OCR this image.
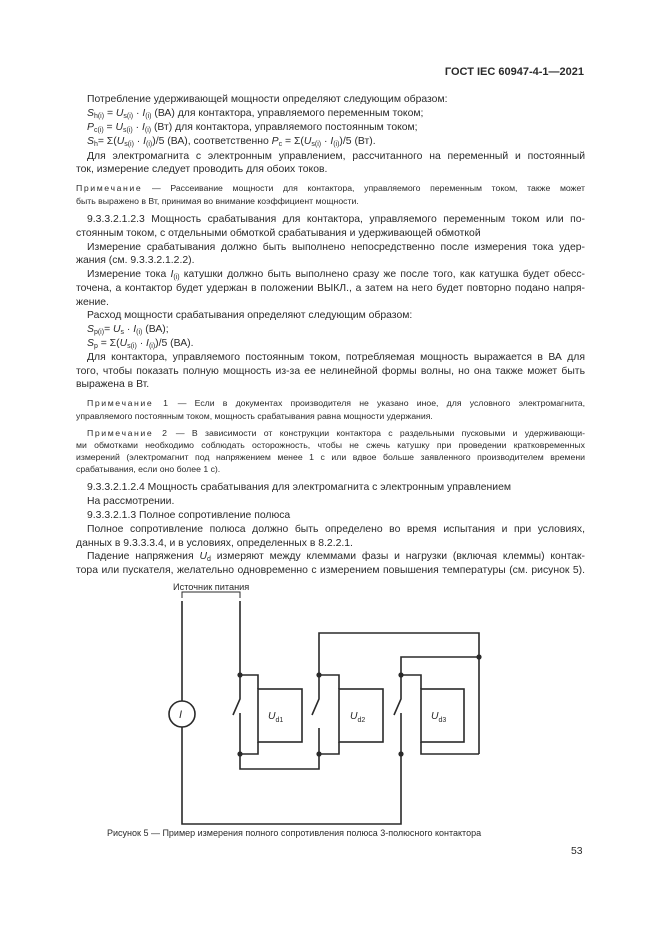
ГОСТ IEC 60947-4-1—2021
Потребление удерживающей мощности определяют следующим образом:
$S_{h(i)} = U_{s(i)} \cdot I_{(i)}$ (ВА) для контактора, управляемого переменным током;
$P_{c(i)} = U_{s(i)} \cdot I_{(i)}$ (Вт) для контактора, управляемого постоянным током;
$S_h= \Sigma(U_{s(i)} \cdot I_{(i)})/5$ (ВА), соответственно $P_c = \Sigma(U_{s(i)} \cdot I_{(i)})/5$ (Вт).
Для электромагнита с электронным управлением, рассчитанного на переменный и постоянный
ток, измерение следует проводить для обоих токов.
Примечание — Рассеивание мощности для контактора, управляемого переменным током, также может
быть выражено в Вт, принимая во внимание коэффициент мощности.
9.3.3.2.1.2.3 Мощность срабатывания для контактора, управляемого переменным током или по-
стоянным током, с отдельными обмоткой срабатывания и удерживающей обмоткой
Измерение срабатывания должно быть выполнено непосредственно после измерения тока удер-
жания (см. 9.3.3.2.1.2.2).
Измерение тока $I_{(i)}$ катушки должно быть выполнено сразу же после того, как катушка будет обесс-
точена, а контактор будет удержан в положении ВЫКЛ., а затем на него будет повторно подано напря-
жение.
Расход мощности срабатывания определяют следующим образом:
$S_{p(i)}= U_s \cdot I_{(i)}$ (ВА);
$S_p = \Sigma(U_{s(i)} \cdot I_{(i)})/5$ (ВА).
Для контактора, управляемого постоянным током, потребляемая мощность выражается в ВА для
того, чтобы показать полную мощность из-за ее нелинейной формы волны, но она также может быть
выражена в Вт.
Примечание 1 — Если в документах производителя не указано иное, для условного электромагнита,
управляемого постоянным током, мощность срабатывания равна мощности удержания.
Примечание 2 — В зависимости от конструкции контактора с раздельными пусковыми и удерживающи-
ми обмотками необходимо соблюдать осторожность, чтобы не сжечь катушку при проведении кратковременных
измерений (электромагнит под напряжением менее 1 с или вдвое больше заявленного производителем времени
срабатывания, если оно более 1 с).
9.3.3.2.1.2.4 Мощность срабатывания для электромагнита с электронным управлением
На рассмотрении.
9.3.3.2.1.3 Полное сопротивление полюса
Полное сопротивление полюса должно быть определено во время испытания и при условиях,
данных в 9.3.3.3.4, и в условиях, определенных в 8.2.2.1.
Падение напряжения $U_d$ измеряют между клеммами фазы и нагрузки (включая клеммы) контак-
тора или пускателя, желательно одновременно с измерением повышения температуры (см. рисунок 5).
Источник питания
I	$U_{d1}$	$U_{d2}$	$U_{d3}$
Рисунок 5 — Пример измерения полного сопротивления полюса 3-полюсного контактора
53
